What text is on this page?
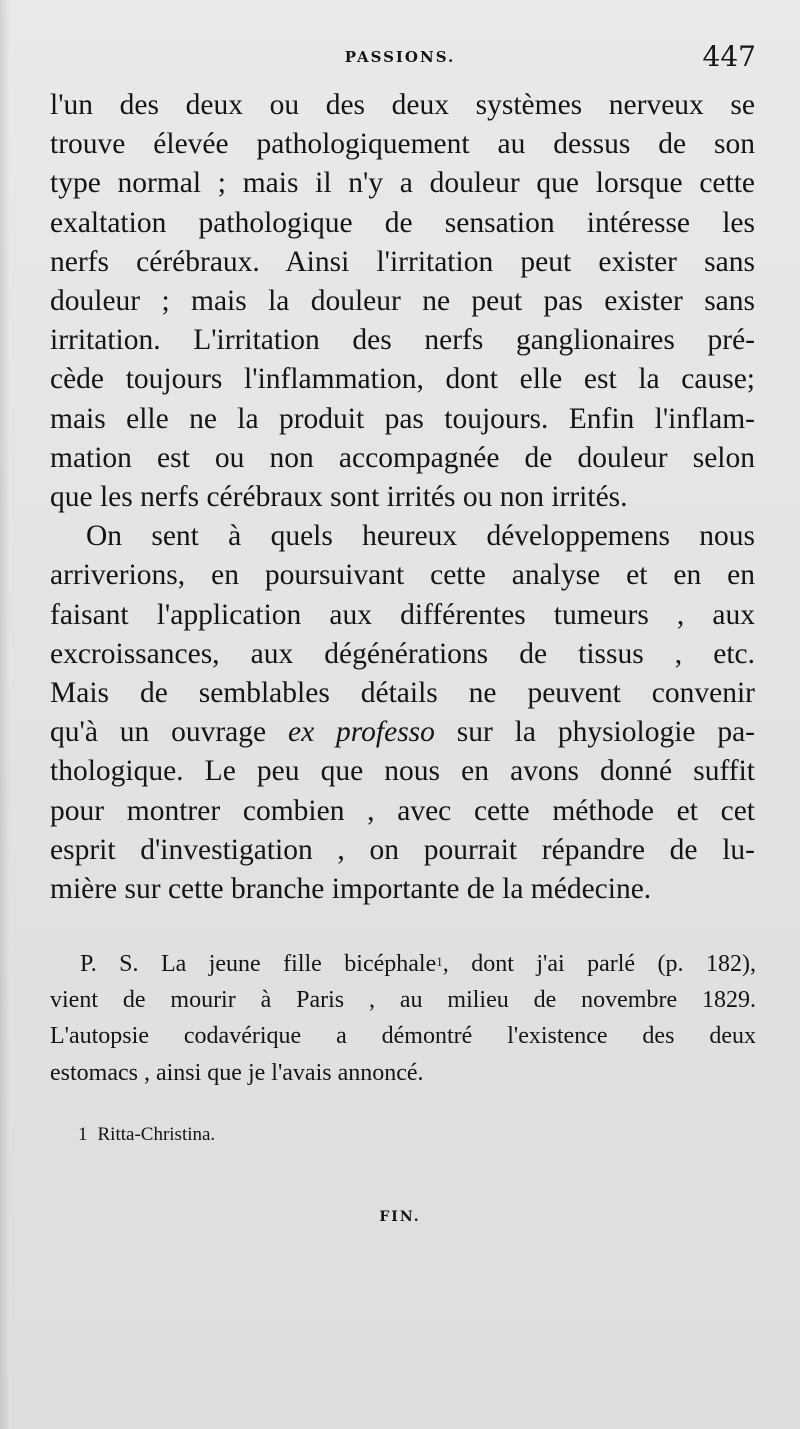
PASSIONS.	447
l'un des deux ou des deux systèmes nerveux se
trouve élevée pathologiquement au dessus de son
type normal ; mais il n'y a douleur que lorsque cette
exaltation pathologique de sensation intéresse les
nerfs cérébraux. Ainsi l'irritation peut exister sans
douleur ; mais la douleur ne peut pas exister sans
irritation. L'irritation des nerfs ganglionaires pré-
cède toujours l'inflammation, dont elle est la cause;
mais elle ne la produit pas toujours. Enfin l'inflam-
mation est ou non accompagnée de douleur selon
que les nerfs cérébraux sont irrités ou non irrités.
On sent à quels heureux développemens nous
arriverions, en poursuivant cette analyse et en en
faisant l'application aux différentes tumeurs , aux
excroissances, aux dégénérations de tissus , etc.
Mais de semblables détails ne peuvent convenir
qu'à un ouvrage ex professo sur la physiologie pa-
thologique. Le peu que nous en avons donné suffit
pour montrer combien , avec cette méthode et cet
esprit d'investigation , on pourrait répandre de lu-
mière sur cette branche importante de la médecine.
P. S. La jeune fille bicéphale$^1$, dont j'ai parlé (p. 182),
vient de mourir à Paris , au milieu de novembre 1829.
L'autopsie codavérique a démontré l'existence des deux
estomacs , ainsi que je l'avais annoncé.
1 Ritta-Christina.
FIN.
